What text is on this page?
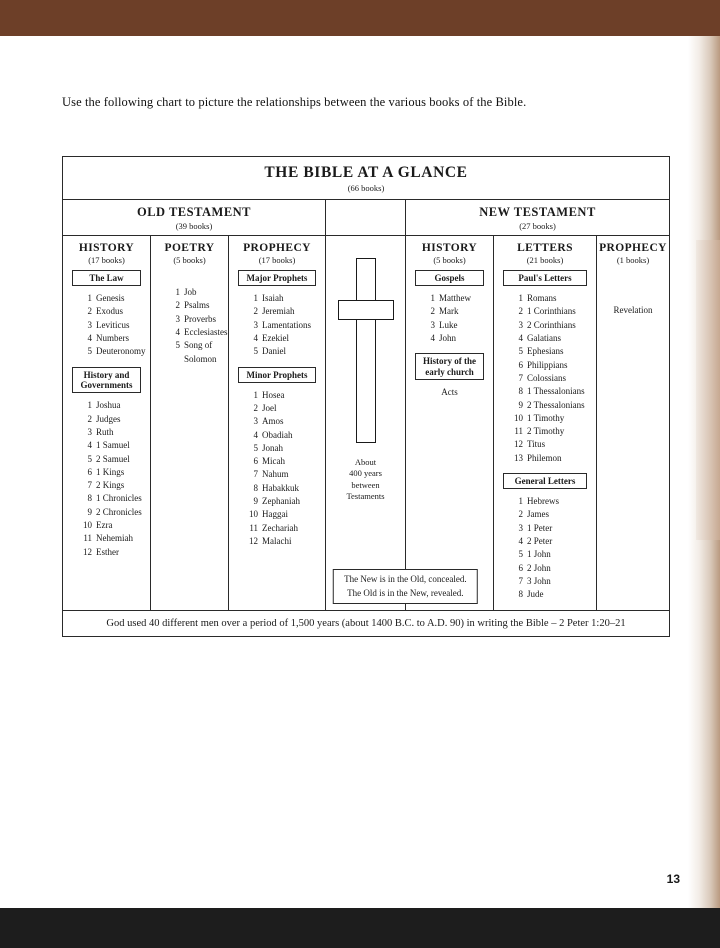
Use the following chart to picture the relationships between the various books of the Bible.
THE BIBLE AT A GLANCE
(66 books)
OLD TESTAMENT
(39 books)
NEW TESTAMENT
(27 books)
HISTORY
(17 books)
The Law
1 Genesis
2 Exodus
3 Leviticus
4 Numbers
5 Deuteronomy
History and Governments
1 Joshua
2 Judges
3 Ruth
4 1 Samuel
5 2 Samuel
6 1 Kings
7 2 Kings
8 1 Chronicles
9 2 Chronicles
10 Ezra
11 Nehemiah
12 Esther
POETRY
(5 books)
1 Job
2 Psalms
3 Proverbs
4 Ecclesiastes
5 Song of Solomon
PROPHECY
(17 books)
Major Prophets
1 Isaiah
2 Jeremiah
3 Lamentations
4 Ezekiel
5 Daniel
Minor Prophets
1 Hosea
2 Joel
3 Amos
4 Obadiah
5 Jonah
6 Micah
7 Nahum
8 Habakkuk
9 Zephaniah
10 Haggai
11 Zechariah
12 Malachi
About
400 years
between
Testaments
HISTORY
(5 books)
Gospels
1 Matthew
2 Mark
3 Luke
4 John
History of the early church
Acts
LETTERS
(21 books)
Paul's Letters
1 Romans
2 1 Corinthians
3 2 Corinthians
4 Galatians
5 Ephesians
6 Philippians
7 Colossians
8 1 Thessalonians
9 2 Thessalonians
10 1 Timothy
11 2 Timothy
12 Titus
13 Philemon
General Letters
1 Hebrews
2 James
3 1 Peter
4 2 Peter
5 1 John
6 2 John
7 3 John
8 Jude
PROPHECY
(1 books)
Revelation
The New is in the Old, concealed.
The Old is in the New, revealed.
God used 40 different men over a period of 1,500 years (about 1400 B.C. to A.D. 90) in writing the Bible – 2 Peter 1:20–21
13
